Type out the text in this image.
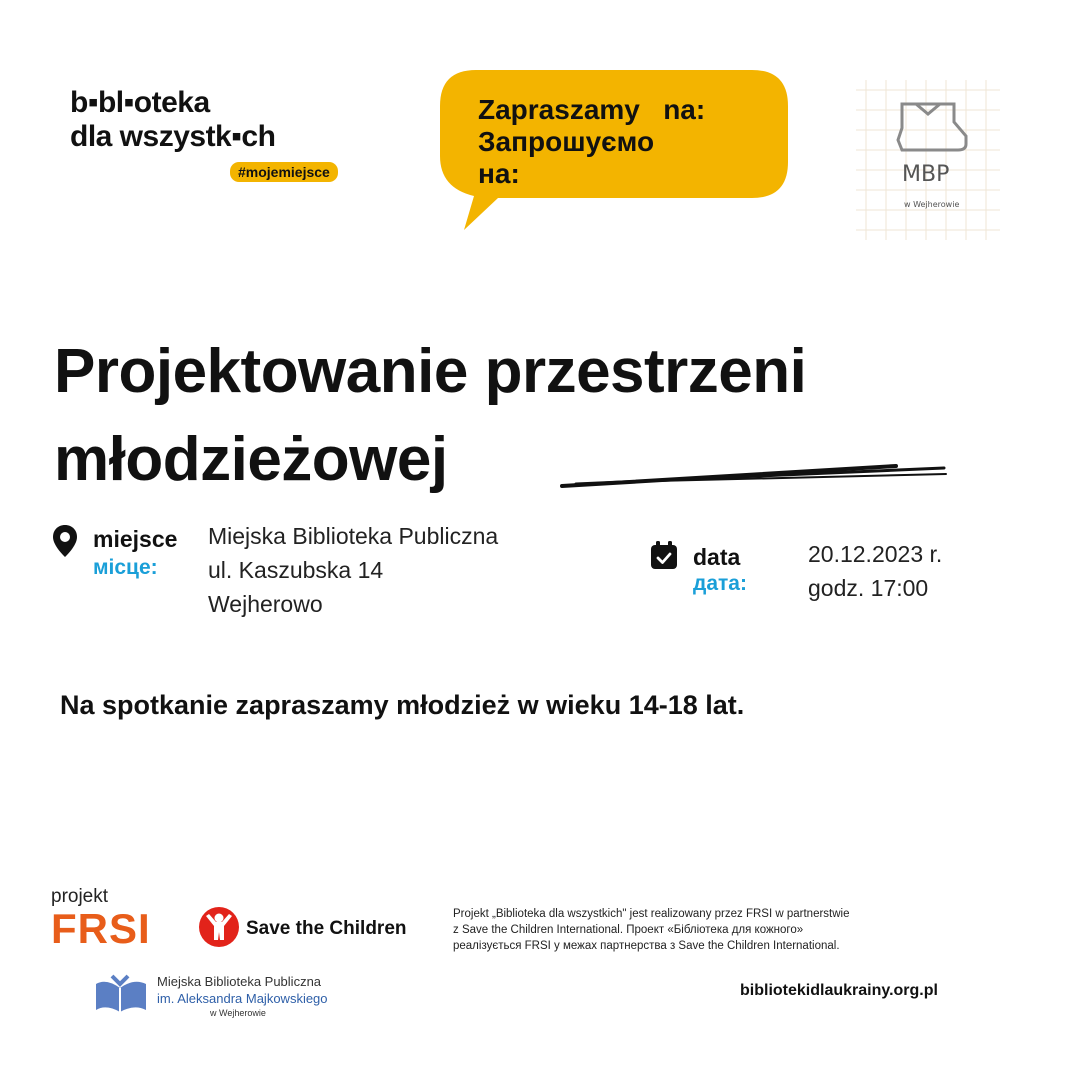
b▪bl▪oteka
dla wszystk▪ch
#mojemiejsce
Zapraszamy   na:
Запрошуємо
на:	MBP
w Wejherowie
Projektowanie przestrzeni
młodzieżowej
miejsce
місце:
Miejska Biblioteka Publiczna
ul. Kaszubska 14
Wejherowo
data
дата:
20.12.2023 r.
godz. 17:00
Na spotkanie zapraszamy młodzież w wieku 14-18 lat.
projekt
FRSI	Save the Children
Projekt „Biblioteka dla wszystkich" jest realizowany przez FRSI w partnerstwie
z Save the Children International. Проект «Бібліотека для кожного»
реалізується FRSI у межах партнерства з Save the Children International.
Miejska Biblioteka Publiczna
im. Aleksandra Majkowskiego
w Wejherowie
bibliotekidlaukrainy.org.pl
